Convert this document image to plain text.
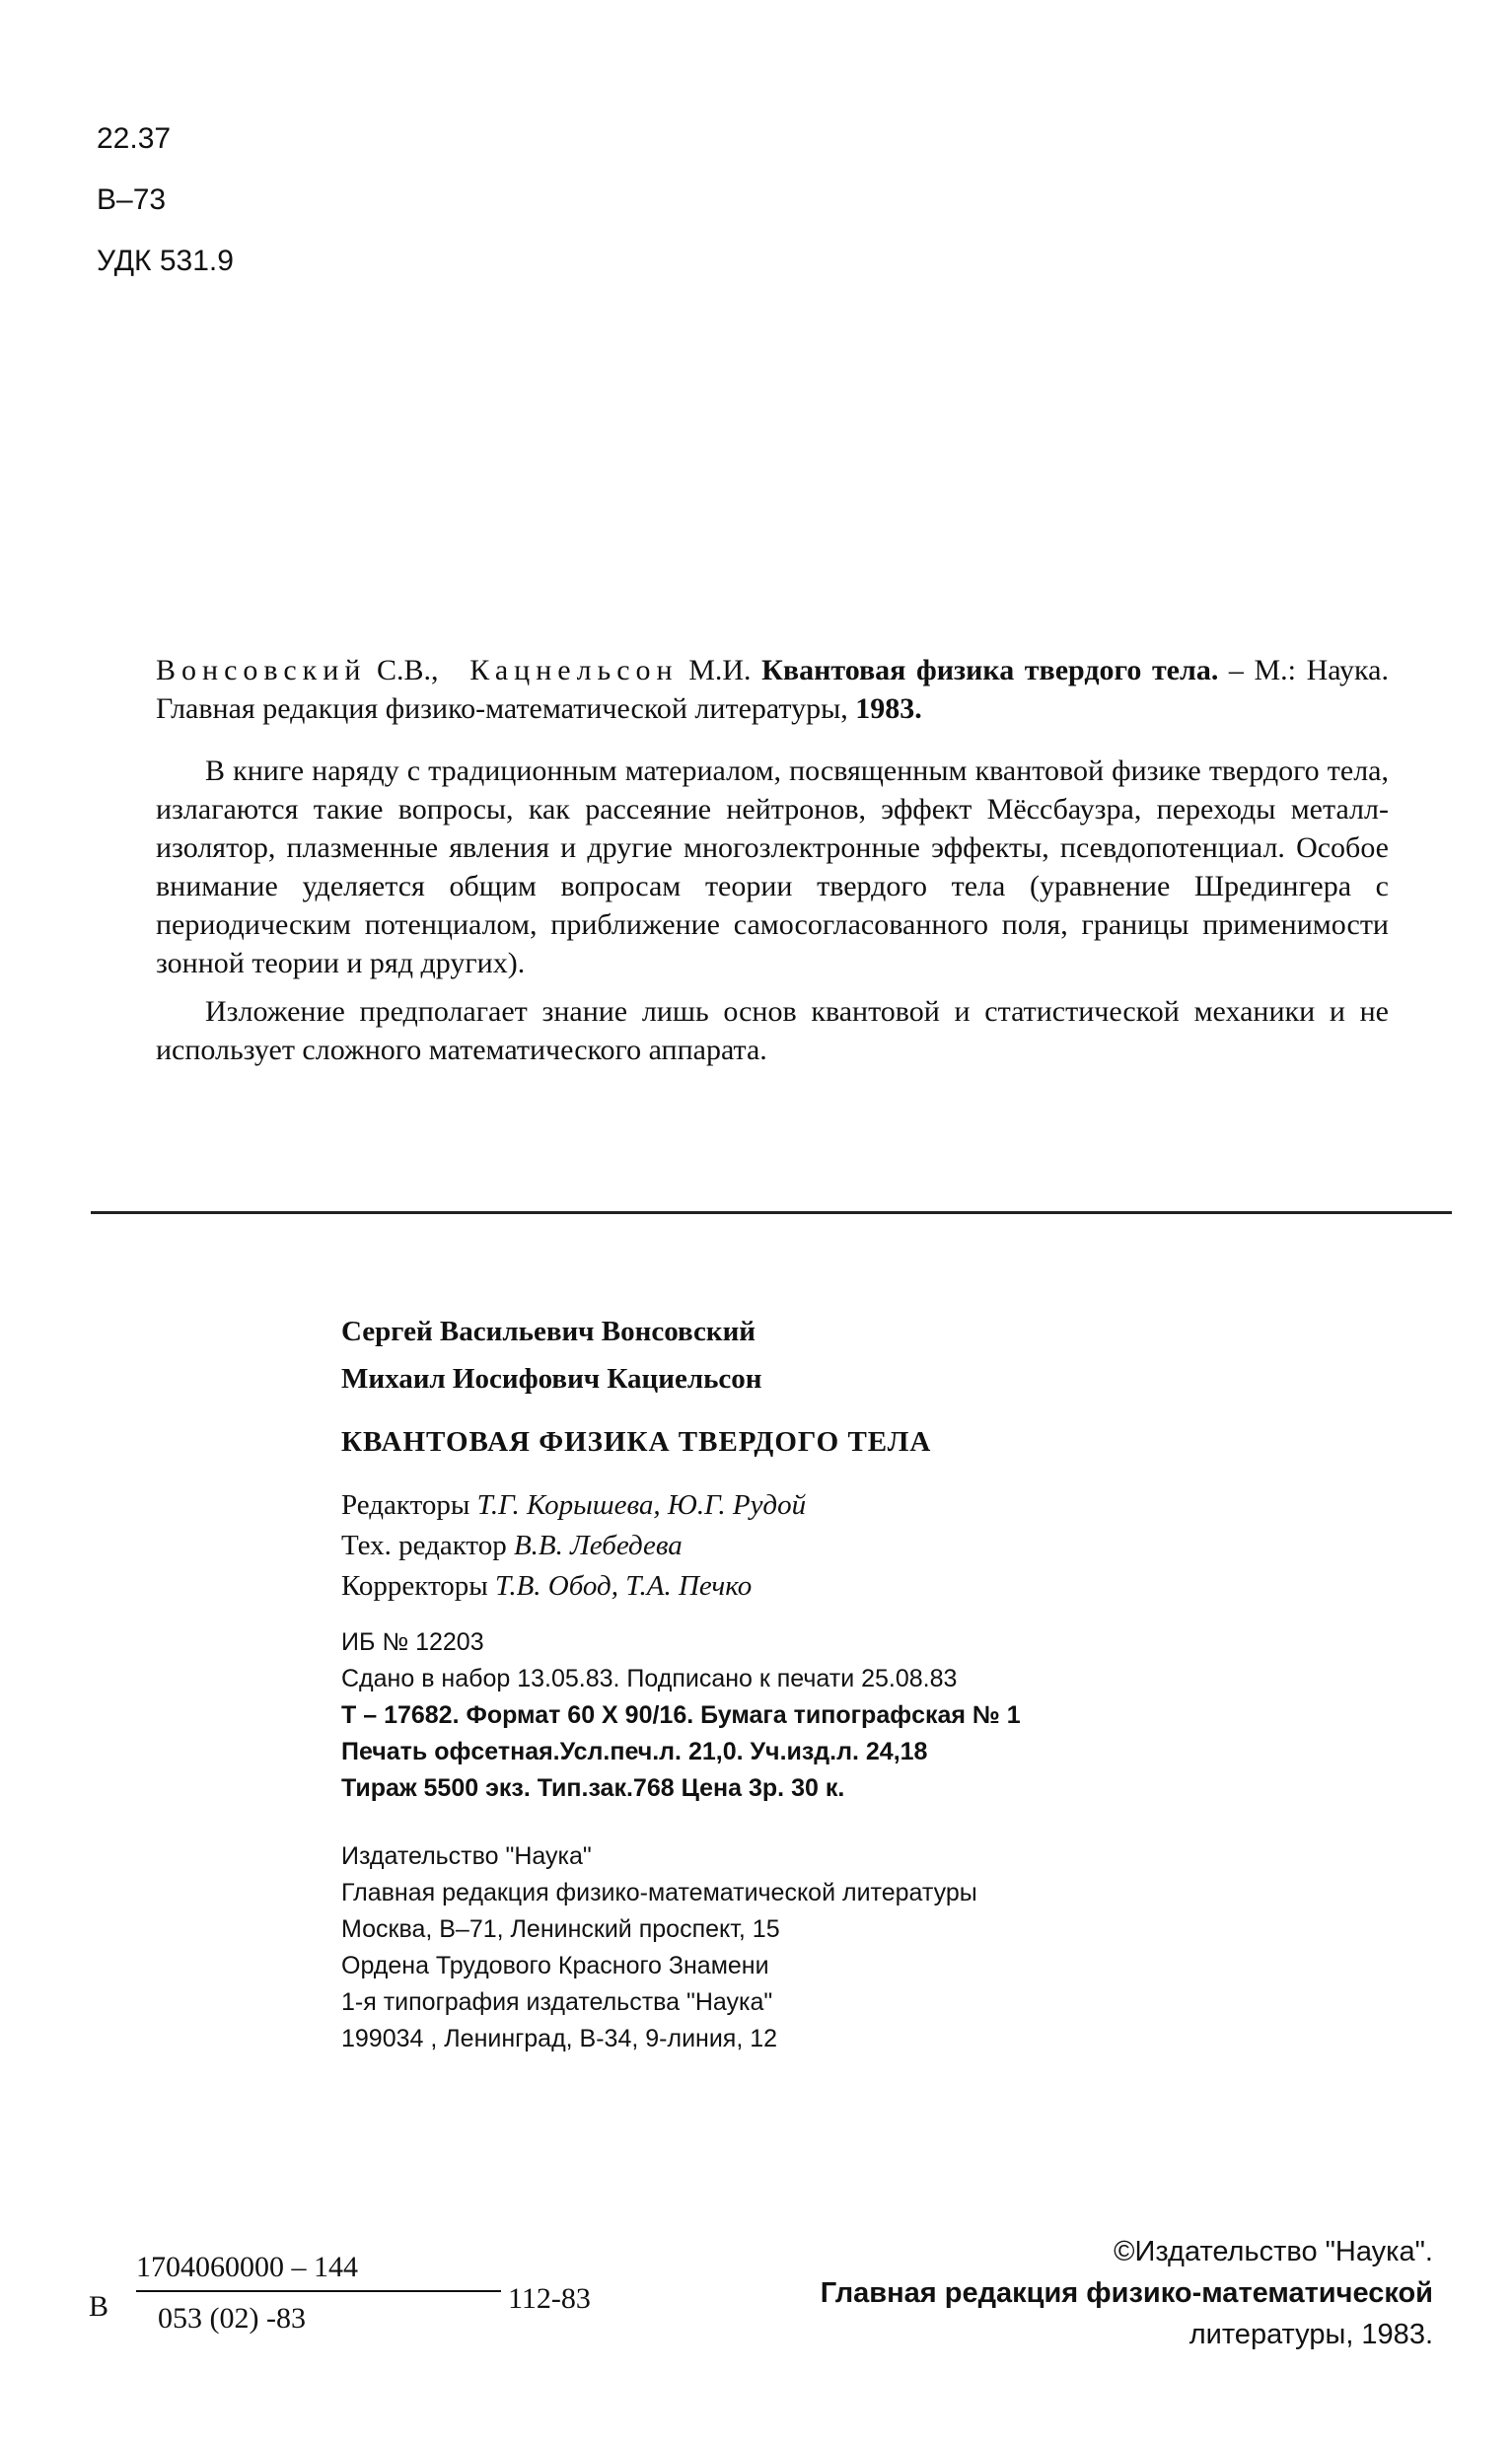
22.37
В–73
УДК 531.9

Вонсовский С.В., Кацнельсон М.И. Квантовая физика твердого тела. – М.: Наука. Главная редакция физико-математической литературы, 1983.

В книге наряду с традиционным материалом, посвященным квантовой физике твердого тела, излагаются такие вопросы, как рассеяние нейтронов, эффект Мёссбаузра, переходы металл-изолятор, плазменные явления и другие многозлектронные эффекты, псевдопотенциал. Особое внимание уделяется общим вопросам теории твердого тела (уравнение Шредингера с периодическим потенциалом, приближение самосогласованного поля, границы применимости зонной теории и ряд других).

Изложение предполагает знание лишь основ квантовой и статистической механики и не использует сложного математического аппарата.

Сергей Васильевич Вонсовский
Михаил Иосифович Кациельсон
КВАНТОВАЯ ФИЗИКА ТВЕРДОГО ТЕЛА
Редакторы Т.Г. Корышева, Ю.Г. Рудой
Тех. редактор В.В. Лебедева
Корректоры Т.В. Обод, Т.А. Печко
ИБ № 12203
Сдано в набор 13.05.83. Подписано к печати 25.08.83
Т – 17682. Формат 60 Х 90/16. Бумага типографская № 1
Печать офсетная.Усл.печ.л. 21,0. Уч.изд.л. 24,18
Тираж 5500 экз. Тип.зак.768 Цена 3р. 30 к.
Издательство "Наука"
Главная редакция физико-математической литературы
Москва, В–71, Ленинский проспект, 15
Ордена Трудового Красного Знамени
1-я типография издательства "Наука"
199034 , Ленинград, В-34, 9-линия, 12
В
1704060000 – 144
053 (02) -83
112-83
©Издательство "Наука".
Главная редакция физико-математической
литературы, 1983.
